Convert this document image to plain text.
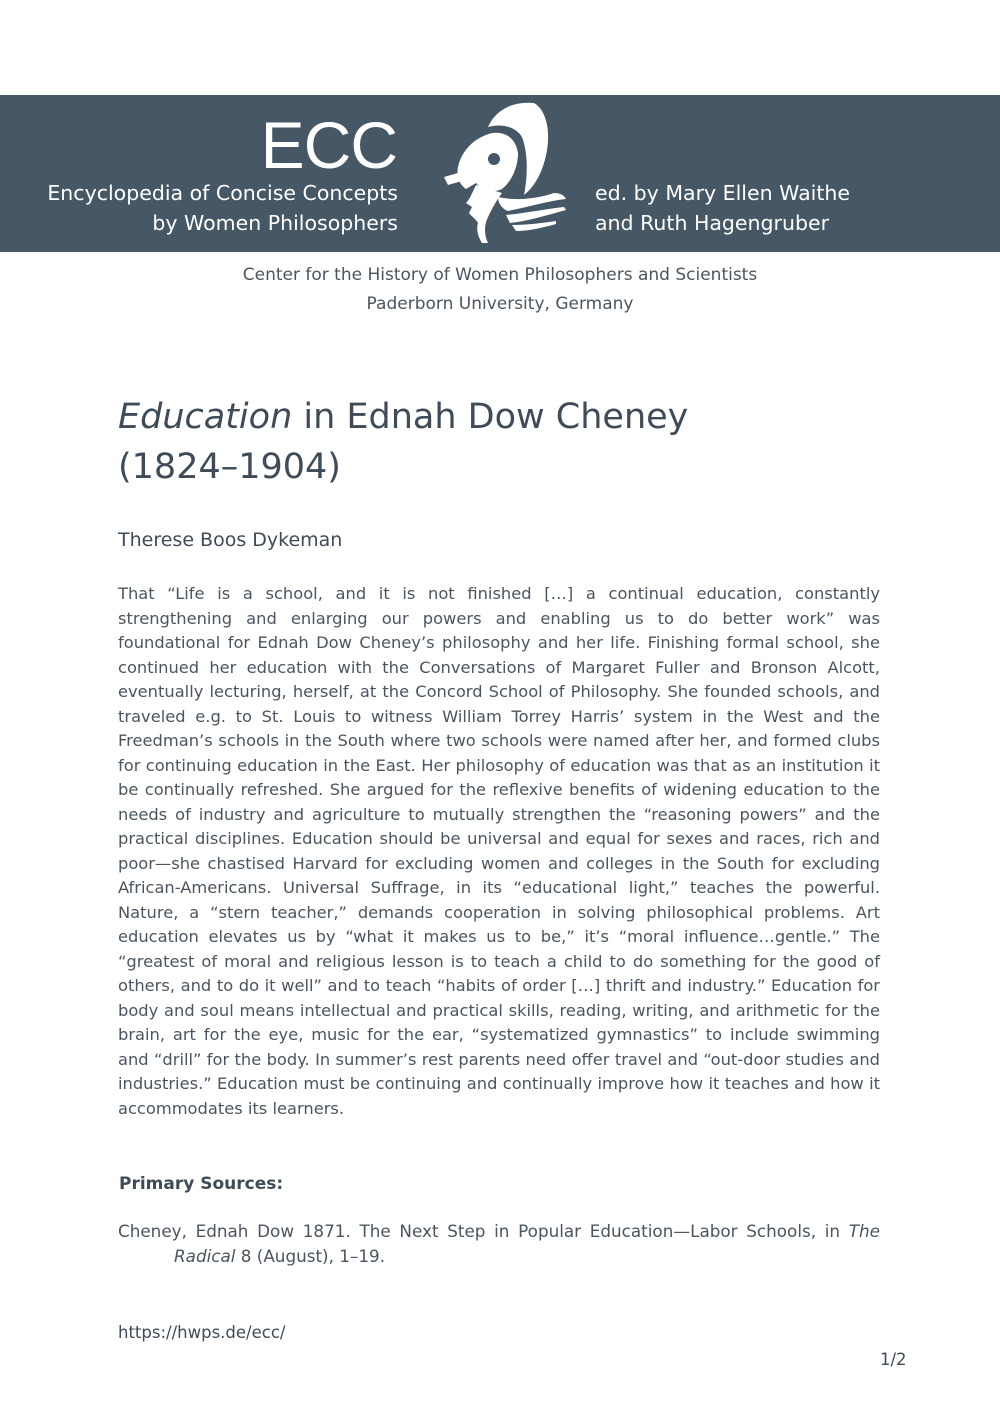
ECC
Encyclopedia of Concise Concepts
by Women Philosophers
ed. by Mary Ellen Waithe
and Ruth Hagengruber
Center for the History of Women Philosophers and Scientists
Paderborn University, Germany
Education in Ednah Dow Cheney
(1824–1904)
Therese Boos Dykeman

That “Life is a school, and it is not finished […] a continual education, constantly strengthening and enlarging our powers and enabling us to do better work” was foundational for Ednah Dow Cheney’s philosophy and her life. Finishing formal school, she continued her education with the Conversations of Margaret Fuller and Bronson Alcott, eventually lecturing, herself, at the Concord School of Philosophy. She founded schools, and traveled e.g. to St. Louis to witness William Torrey Harris’ system in the West and the Freedman’s schools in the South where two schools were named after her, and formed clubs for continuing education in the East. Her philosophy of education was that as an institution it be continually refreshed. She argued for the reflexive benefits of widening education to the needs of industry and agriculture to mutually strengthen the “reasoning powers” and the practical disciplines. Education should be universal and equal for sexes and races, rich and poor—she chastised Harvard for excluding women and colleges in the South for excluding African-Americans. Universal Suffrage, in its “educational light,” teaches the powerful. Nature, a “stern teacher,” demands cooperation in solving philosophical problems. Art education elevates us by “what it makes us to be,” it’s “moral influence…gentle.” The “greatest of moral and religious lesson is to teach a child to do something for the good of others, and to do it well” and to teach “habits of order […] thrift and industry.” Education for body and soul means intellectual and practical skills, reading, writing, and arithmetic for the brain, art for the eye, music for the ear, “systematized gymnastics” to include swimming and “drill” for the body. In summer’s rest parents need offer travel and “out-door studies and industries.” Education must be continuing and continually improve how it teaches and how it accommodates its learners.

Primary Sources:
Cheney, Ednah Dow 1871. The Next Step in Popular Education—Labor Schools, in The Radical 8 (August), 1–19.
https://hwps.de/ecc/
1/2
